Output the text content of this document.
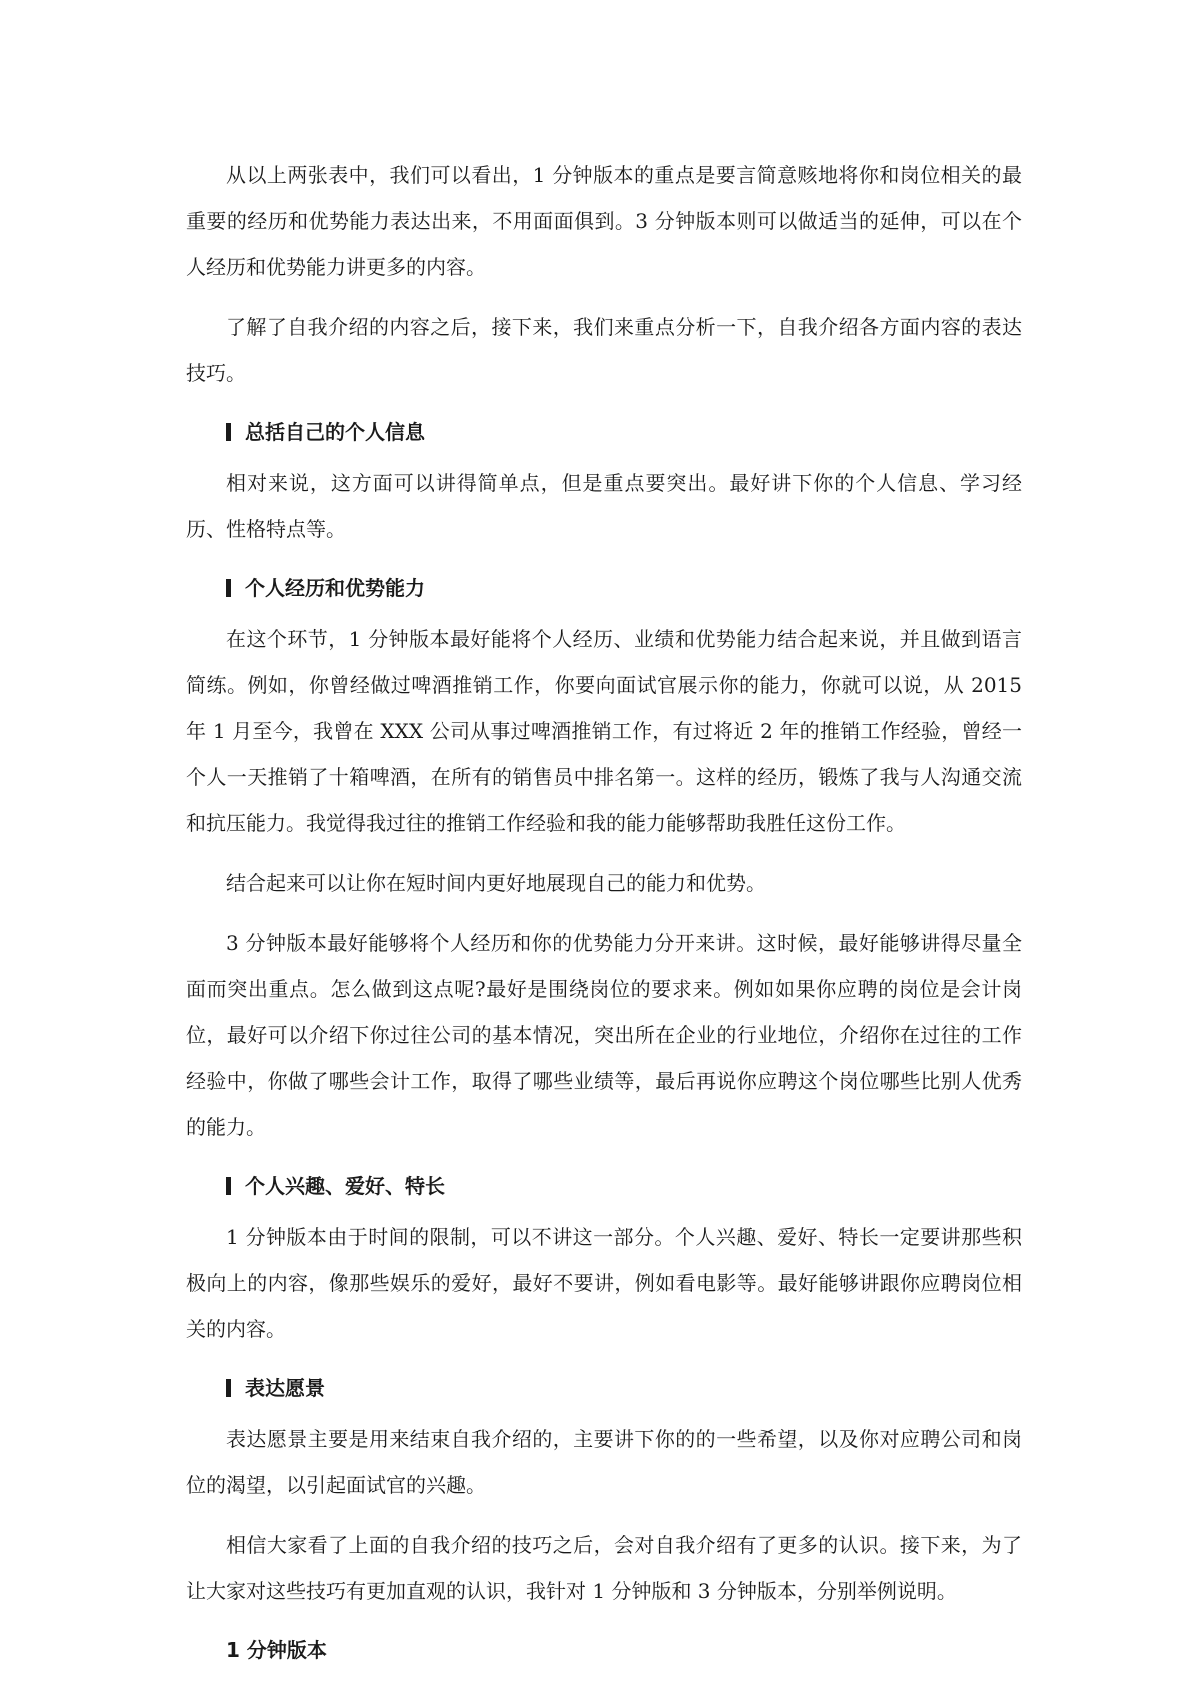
从以上两张表中，我们可以看出，1 分钟版本的重点是要言简意赅地将你和岗位相关的最重要的经历和优势能力表达出来，不用面面俱到。3 分钟版本则可以做适当的延伸，可以在个人经历和优势能力讲更多的内容。

了解了自我介绍的内容之后，接下来，我们来重点分析一下，自我介绍各方面内容的表达技巧。

总括自己的个人信息

相对来说，这方面可以讲得简单点，但是重点要突出。最好讲下你的个人信息、学习经历、性格特点等。

个人经历和优势能力

在这个环节，1 分钟版本最好能将个人经历、业绩和优势能力结合起来说，并且做到语言简练。例如，你曾经做过啤酒推销工作，你要向面试官展示你的能力，你就可以说，从 2015 年 1 月至今，我曾在 XXX 公司从事过啤酒推销工作，有过将近 2 年的推销工作经验，曾经一个人一天推销了十箱啤酒，在所有的销售员中排名第一。这样的经历，锻炼了我与人沟通交流和抗压能力。我觉得我过往的推销工作经验和我的能力能够帮助我胜任这份工作。

结合起来可以让你在短时间内更好地展现自己的能力和优势。

3 分钟版本最好能够将个人经历和你的优势能力分开来讲。这时候，最好能够讲得尽量全面而突出重点。怎么做到这点呢?最好是围绕岗位的要求来。例如如果你应聘的岗位是会计岗位，最好可以介绍下你过往公司的基本情况，突出所在企业的行业地位，介绍你在过往的工作经验中，你做了哪些会计工作，取得了哪些业绩等，最后再说你应聘这个岗位哪些比别人优秀的能力。

个人兴趣、爱好、特长

1 分钟版本由于时间的限制，可以不讲这一部分。个人兴趣、爱好、特长一定要讲那些积极向上的内容，像那些娱乐的爱好，最好不要讲，例如看电影等。最好能够讲跟你应聘岗位相关的内容。

表达愿景

表达愿景主要是用来结束自我介绍的，主要讲下你的的一些希望，以及你对应聘公司和岗位的渴望，以引起面试官的兴趣。

相信大家看了上面的自我介绍的技巧之后，会对自我介绍有了更多的认识。接下来，为了让大家对这些技巧有更加直观的认识，我针对 1 分钟版和 3 分钟版本，分别举例说明。

1 分钟版本
